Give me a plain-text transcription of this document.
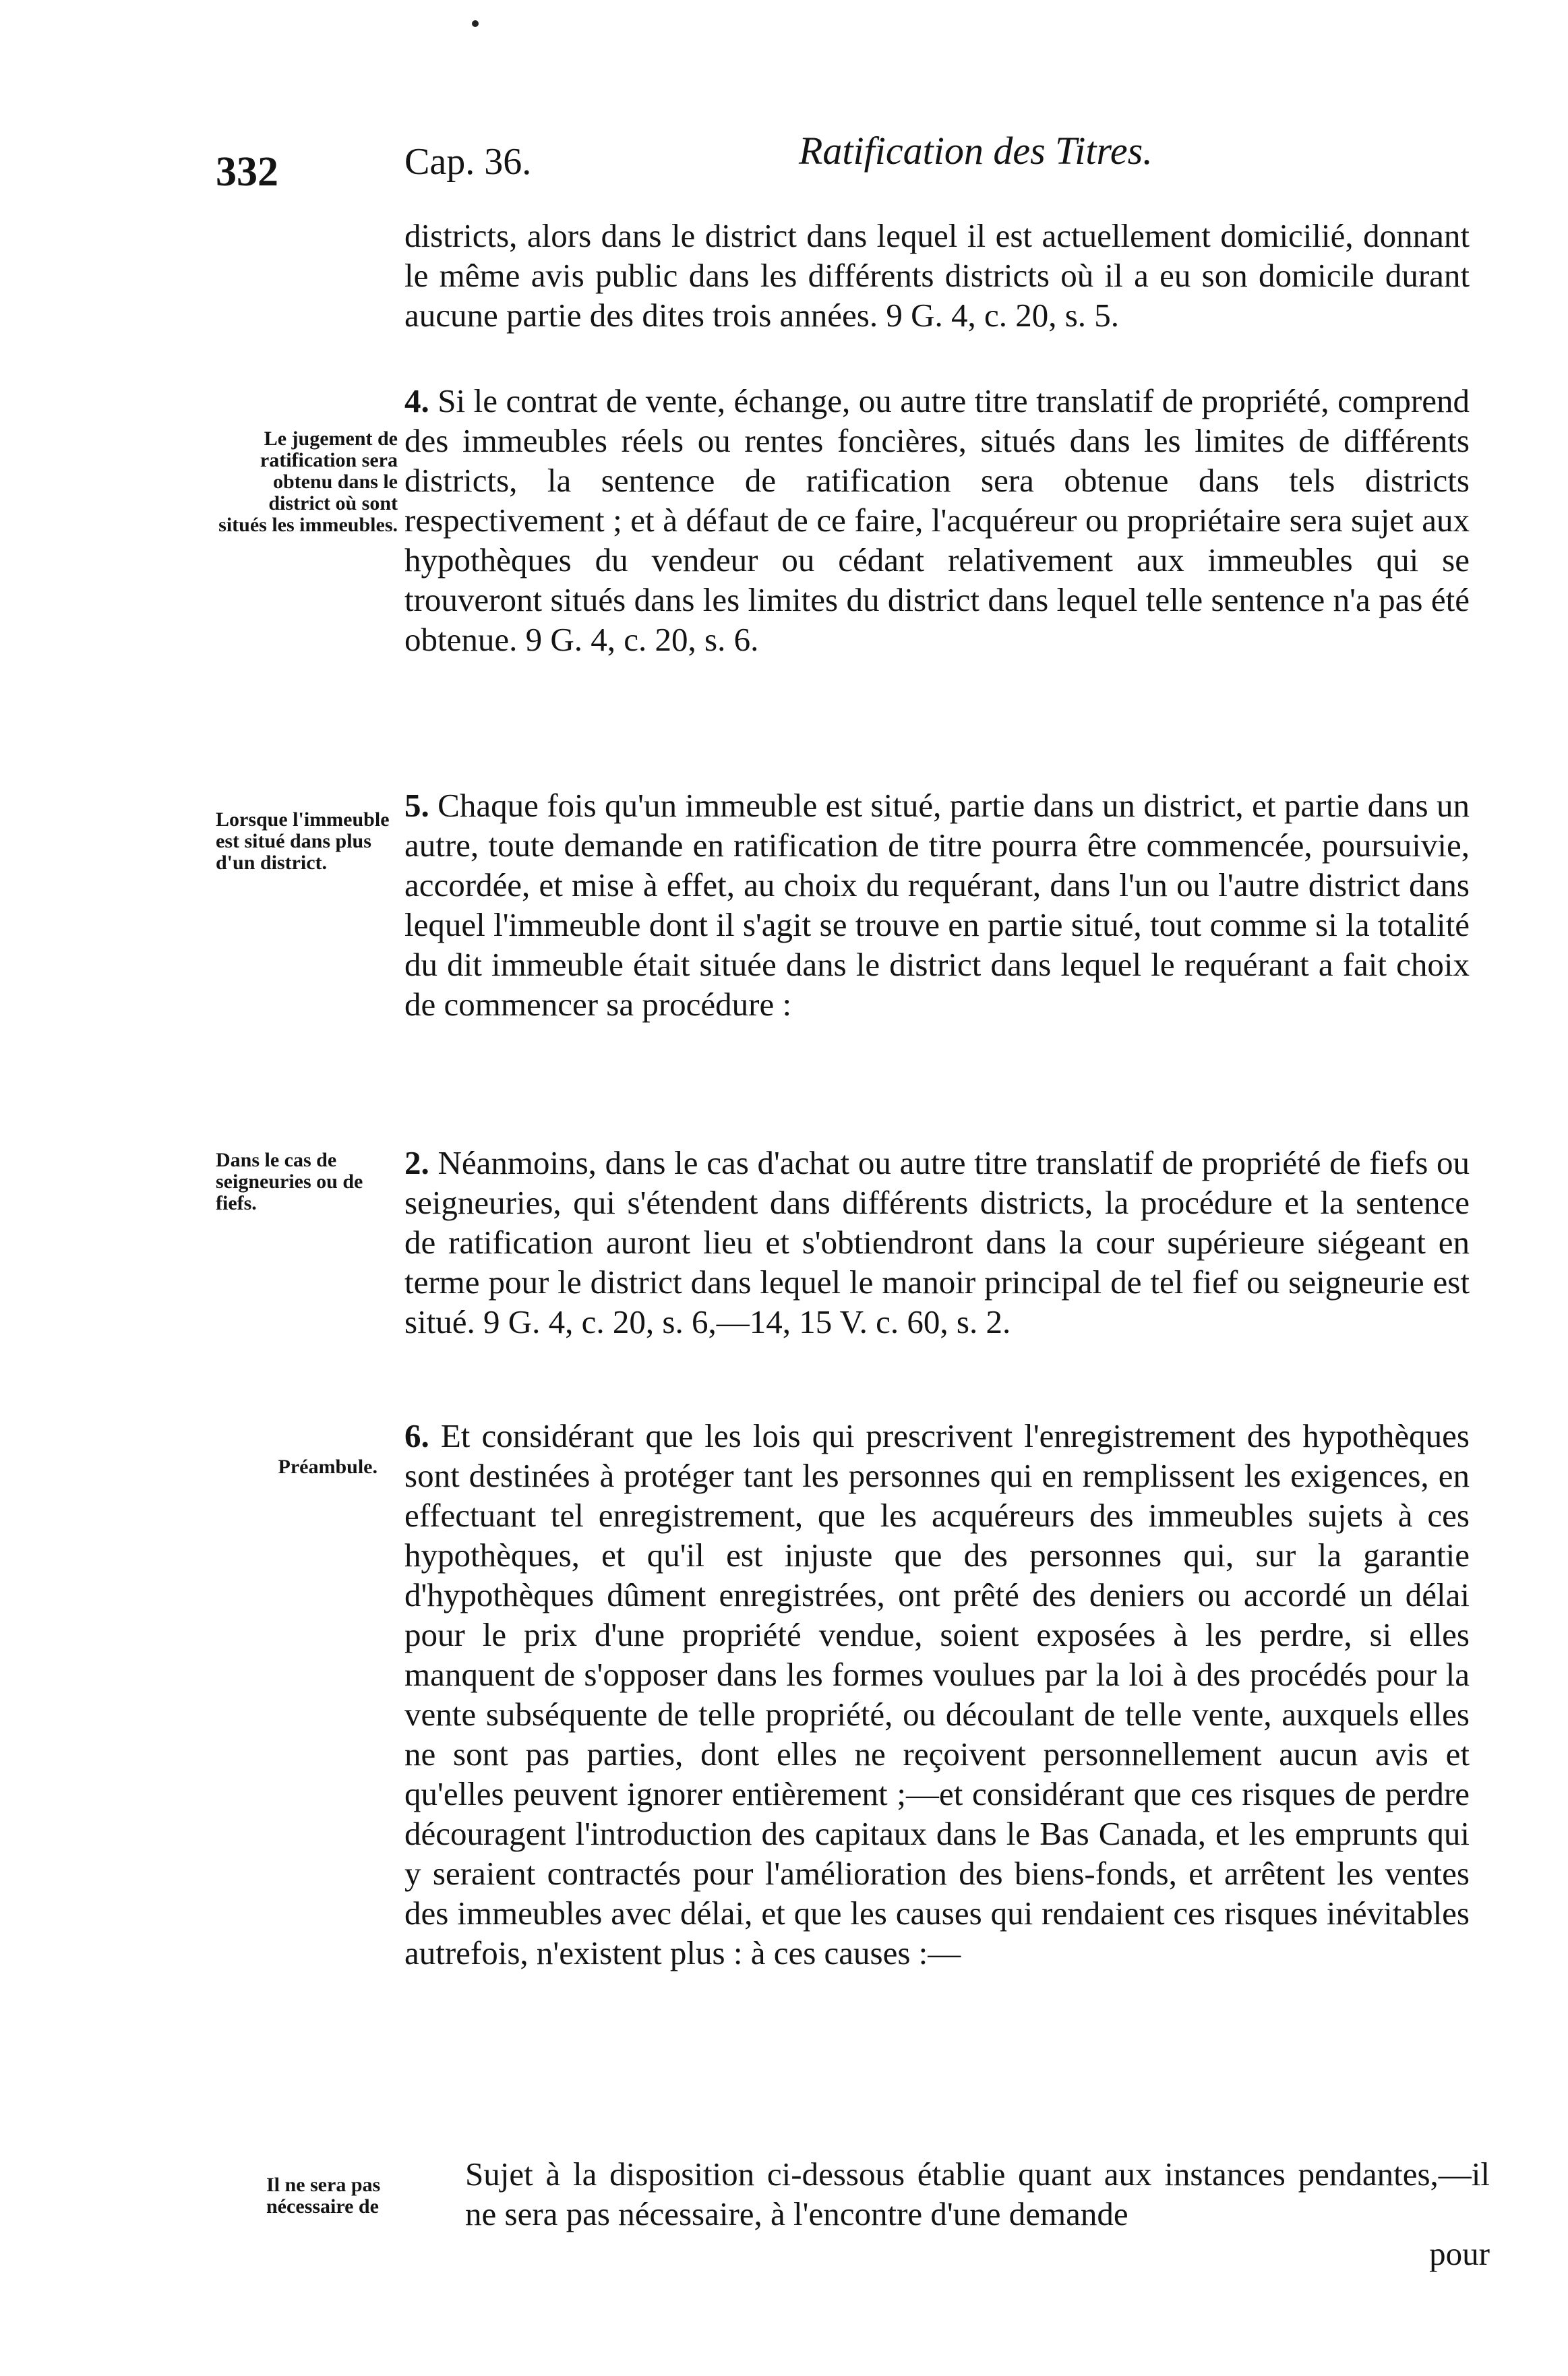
332	Cap. 36.	Ratification des Titres.
districts, alors dans le district dans lequel il est actuellement domicilié, donnant le même avis public dans les différents districts où il a eu son domicile durant aucune partie des dites trois années. 9 G. 4, c. 20, s. 5.
Le jugement de ratification sera obtenu dans le district où sont situés les immeubles.
4. Si le contrat de vente, échange, ou autre titre translatif de propriété, comprend des immeubles réels ou rentes foncières, situés dans les limites de différents districts, la sentence de ratification sera obtenue dans tels districts respectivement ; et à défaut de ce faire, l'acquéreur ou propriétaire sera sujet aux hypothèques du vendeur ou cédant relativement aux immeubles qui se trouveront situés dans les limites du district dans lequel telle sentence n'a pas été obtenue. 9 G. 4, c. 20, s. 6.
Lorsque l'immeuble est situé dans plus d'un district.
5. Chaque fois qu'un immeuble est situé, partie dans un district, et partie dans un autre, toute demande en ratification de titre pourra être commencée, poursuivie, accordée, et mise à effet, au choix du requérant, dans l'un ou l'autre district dans lequel l'immeuble dont il s'agit se trouve en partie situé, tout comme si la totalité du dit immeuble était située dans le district dans lequel le requérant a fait choix de commencer sa procédure :
Dans le cas de seigneuries ou de fiefs.
2. Néanmoins, dans le cas d'achat ou autre titre translatif de propriété de fiefs ou seigneuries, qui s'étendent dans différents districts, la procédure et la sentence de ratification auront lieu et s'obtiendront dans la cour supérieure siégeant en terme pour le district dans lequel le manoir principal de tel fief ou seigneurie est situé. 9 G. 4, c. 20, s. 6,—14, 15 V. c. 60, s. 2.
Préambule.
6. Et considérant que les lois qui prescrivent l'enregistrement des hypothèques sont destinées à protéger tant les personnes qui en remplissent les exigences, en effectuant tel enregistrement, que les acquéreurs des immeubles sujets à ces hypothèques, et qu'il est injuste que des personnes qui, sur la garantie d'hypothèques dûment enregistrées, ont prêté des deniers ou accordé un délai pour le prix d'une propriété vendue, soient exposées à les perdre, si elles manquent de s'opposer dans les formes voulues par la loi à des procédés pour la vente subséquente de telle propriété, ou découlant de telle vente, auxquels elles ne sont pas parties, dont elles ne reçoivent personnellement aucun avis et qu'elles peuvent ignorer entièrement ;—et considérant que ces risques de perdre découragent l'introduction des capitaux dans le Bas Canada, et les emprunts qui y seraient contractés pour l'amélioration des biens-fonds, et arrêtent les ventes des immeubles avec délai, et que les causes qui rendaient ces risques inévitables autrefois, n'existent plus : à ces causes :—
Il ne sera pas nécessaire de
Sujet à la disposition ci-dessous établie quant aux instances pendantes,—il ne sera pas nécessaire, à l'encontre d'une demande
pour
